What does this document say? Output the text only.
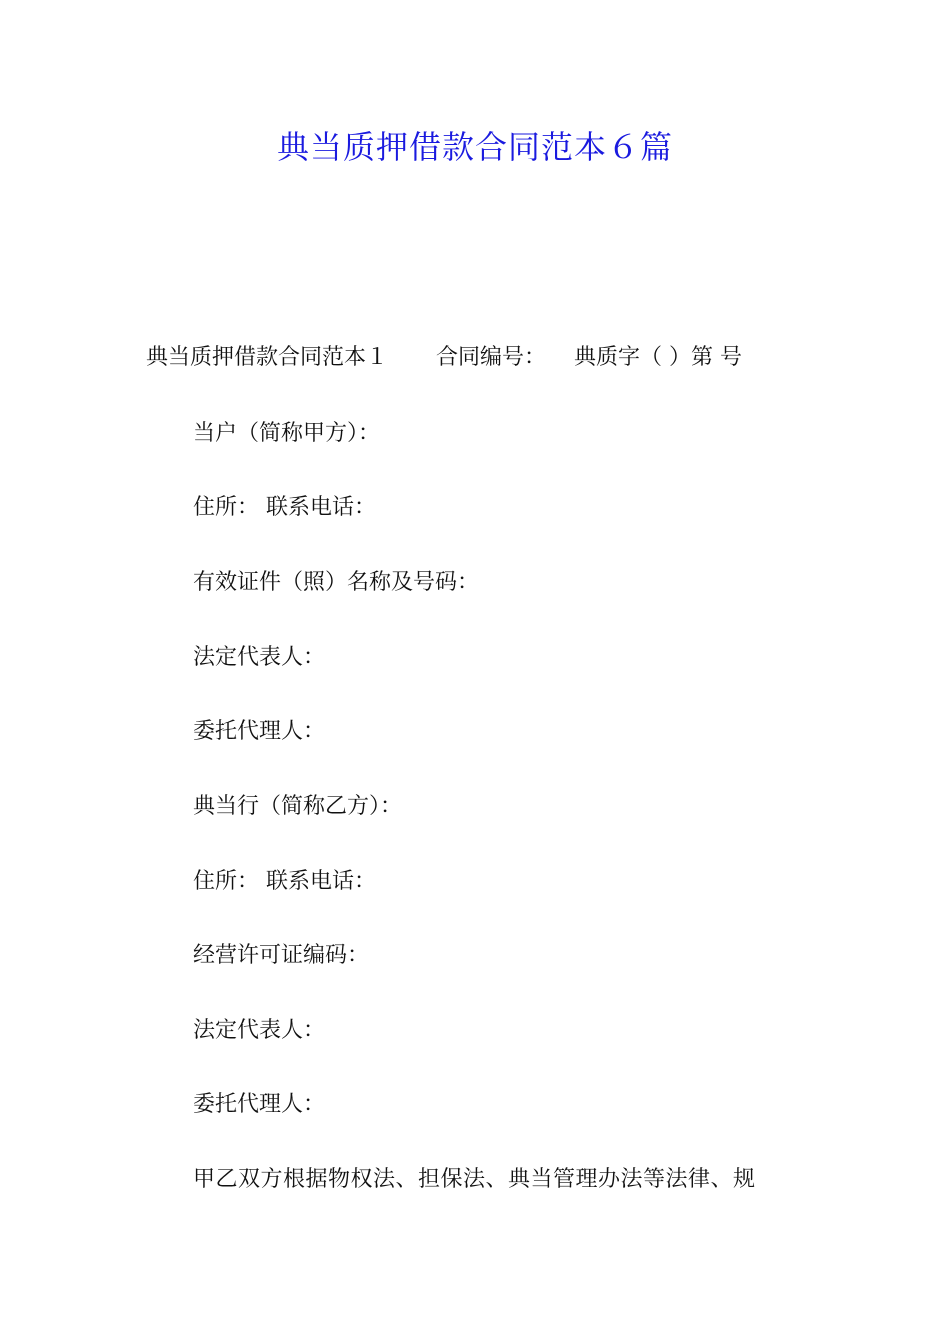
典当质押借款合同范本６篇
典当质押借款合同范本１ 合同编号： 典质字（ ）第 号
当户（简称甲方）：
住所： 联系电话：
有效证件（照）名称及号码：
法定代表人：
委托代理人：
典当行（简称乙方）：
住所： 联系电话：
经营许可证编码：
法定代表人：
委托代理人：
甲乙双方根据物权法、担保法、典当管理办法等法律、规
